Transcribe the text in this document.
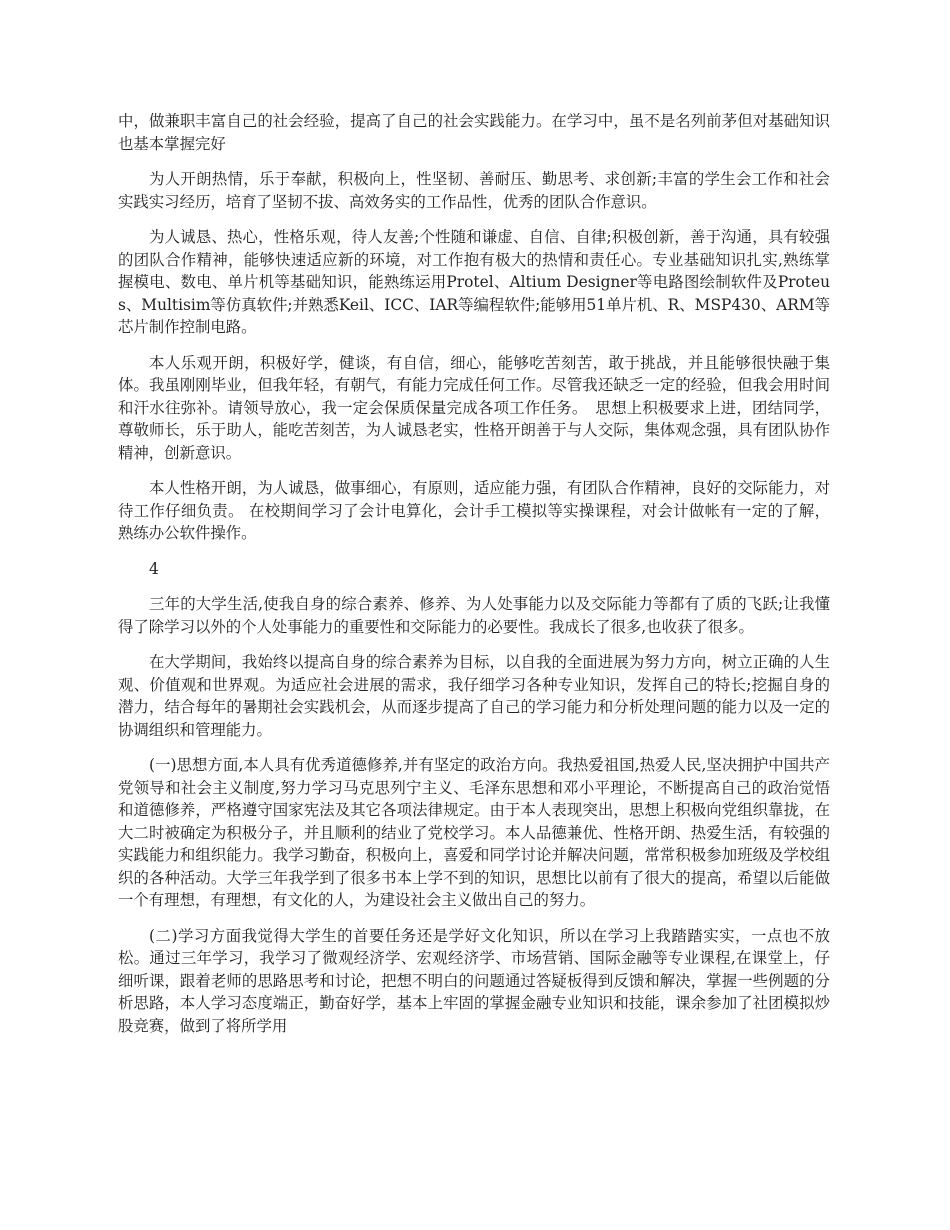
中，做兼职丰富自己的社会经验，提高了自己的社会实践能力。在学习中，虽不是名列前茅但对基础知识也基本掌握完好

为人开朗热情，乐于奉献，积极向上，性坚韧、善耐压、勤思考、求创新;丰富的学生会工作和社会实践实习经历，培育了坚韧不拔、高效务实的工作品性，优秀的团队合作意识。

为人诚恳、热心，性格乐观，待人友善;个性随和谦虚、自信、自律;积极创新，善于沟通，具有较强的团队合作精神，能够快速适应新的环境，对工作抱有极大的热情和责任心。专业基础知识扎实,熟练掌握模电、数电、单片机等基础知识，能熟练运用Protel、Altium Designer等电路图绘制软件及Proteus、Multisim等仿真软件;并熟悉Keil、ICC、IAR等编程软件;能够用51单片机、R、MSP430、ARM等芯片制作控制电路。

本人乐观开朗，积极好学，健谈，有自信，细心，能够吃苦刻苦，敢于挑战，并且能够很快融于集体。我虽刚刚毕业，但我年轻，有朝气，有能力完成任何工作。尽管我还缺乏一定的经验，但我会用时间和汗水往弥补。请领导放心，我一定会保质保量完成各项工作任务。　思想上积极要求上进，团结同学，尊敬师长，乐于助人，能吃苦刻苦，为人诚恳老实，性格开朗善于与人交际，集体观念强，具有团队协作精神，创新意识。

本人性格开朗，为人诚恳，做事细心，有原则，适应能力强，有团队合作精神，良好的交际能力，对待工作仔细负责。 在校期间学习了会计电算化，会计手工模拟等实操课程，对会计做帐有一定的了解，熟练办公软件操作。

4

三年的大学生活,使我自身的综合素养、修养、为人处事能力以及交际能力等都有了质的飞跃;让我懂得了除学习以外的个人处事能力的重要性和交际能力的必要性。我成长了很多,也收获了很多。

在大学期间，我始终以提高自身的综合素养为目标，以自我的全面进展为努力方向，树立正确的人生观、价值观和世界观。为适应社会进展的需求，我仔细学习各种专业知识，发挥自己的特长;挖掘自身的潜力，结合每年的暑期社会实践机会，从而逐步提高了自己的学习能力和分析处理问题的能力以及一定的协调组织和管理能力。

(一)思想方面,本人具有优秀道德修养,并有坚定的政治方向。我热爱祖国,热爱人民,坚决拥护中国共产党领导和社会主义制度,努力学习马克思列宁主义、毛泽东思想和邓小平理论，不断提高自己的政治觉悟和道德修养，严格遵守国家宪法及其它各项法律规定。由于本人表现突出，思想上积极向党组织靠拢，在大二时被确定为积极分子，并且顺利的结业了党校学习。本人品德兼优、性格开朗、热爱生活，有较强的实践能力和组织能力。我学习勤奋，积极向上，喜爱和同学讨论并解决问题，常常积极参加班级及学校组织的各种活动。大学三年我学到了很多书本上学不到的知识，思想比以前有了很大的提高，希望以后能做一个有理想，有理想，有文化的人，为建设社会主义做出自己的努力。

(二)学习方面我觉得大学生的首要任务还是学好文化知识，所以在学习上我踏踏实实，一点也不放松。通过三年学习，我学习了微观经济学、宏观经济学、市场营销、国际金融等专业课程,在课堂上，仔细听课，跟着老师的思路思考和讨论，把想不明白的问题通过答疑板得到反馈和解决，掌握一些例题的分析思路，本人学习态度端正，勤奋好学，基本上牢固的掌握金融专业知识和技能，课余参加了社团模拟炒股竞赛，做到了将所学用
